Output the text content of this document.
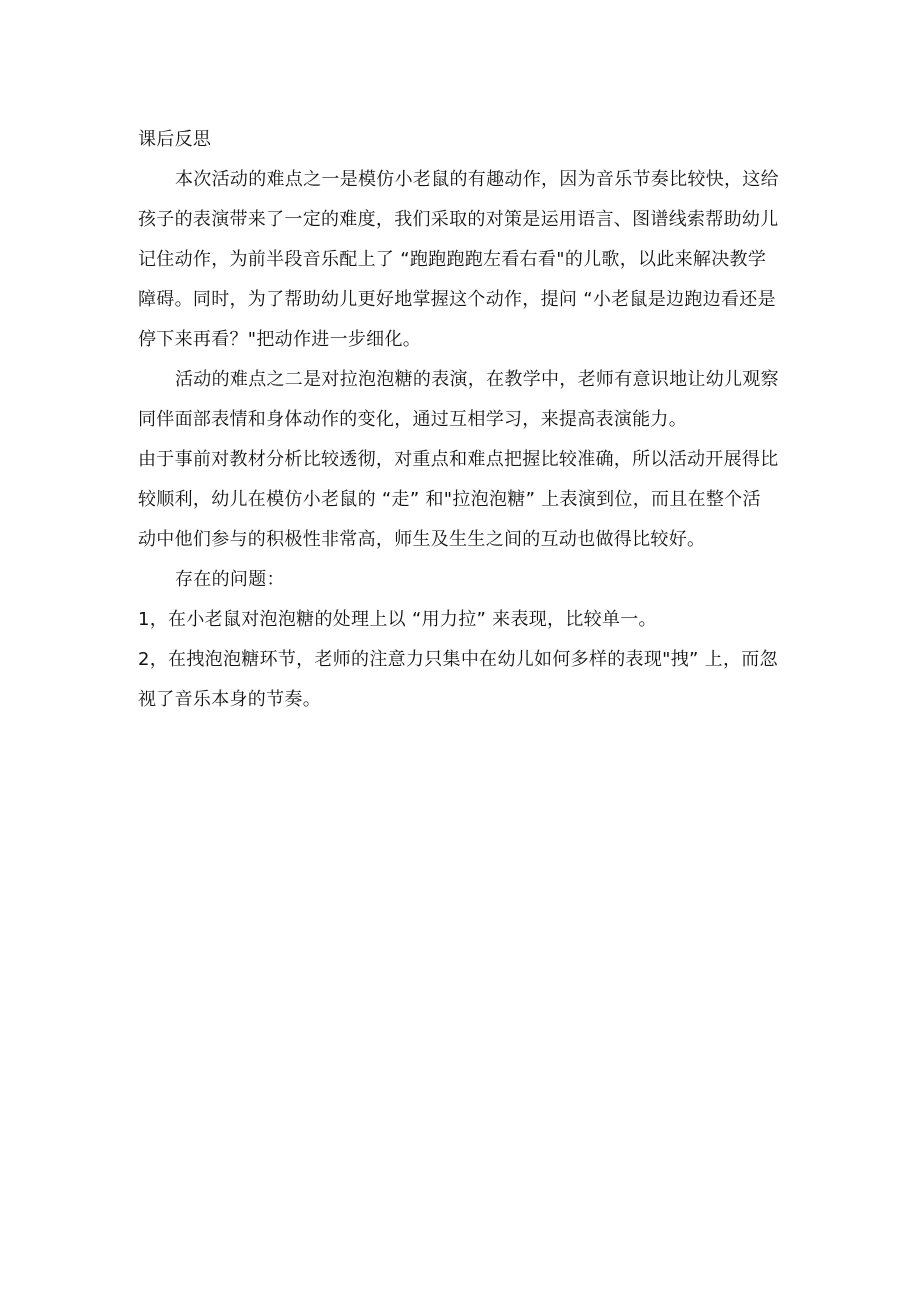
课后反思
本次活动的难点之一是模仿小老鼠的有趣动作，因为音乐节奏比较快，这给
孩子的表演带来了一定的难度，我们采取的对策是运用语言、图谱线索帮助幼儿
记住动作，为前半段音乐配上了 “跑跑跑跑左看右看"的儿歌，以此来解决教学
障碍。同时，为了帮助幼儿更好地掌握这个动作，提问 “小老鼠是边跑边看还是
停下来再看？"把动作进一步细化。
活动的难点之二是对拉泡泡糖的表演，在教学中，老师有意识地让幼儿观察
同伴面部表情和身体动作的变化，通过互相学习，来提高表演能力。
由于事前对教材分析比较透彻，对重点和难点把握比较准确，所以活动开展得比
较顺利，幼儿在模仿小老鼠的 “走” 和"拉泡泡糖” 上表演到位，而且在整个活
动中他们参与的积极性非常高，师生及生生之间的互动也做得比较好。
存在的问题：
1，在小老鼠对泡泡糖的处理上以 “用力拉” 来表现，比较单一。
2，在拽泡泡糖环节，老师的注意力只集中在幼儿如何多样的表现"拽” 上，而忽
视了音乐本身的节奏。
